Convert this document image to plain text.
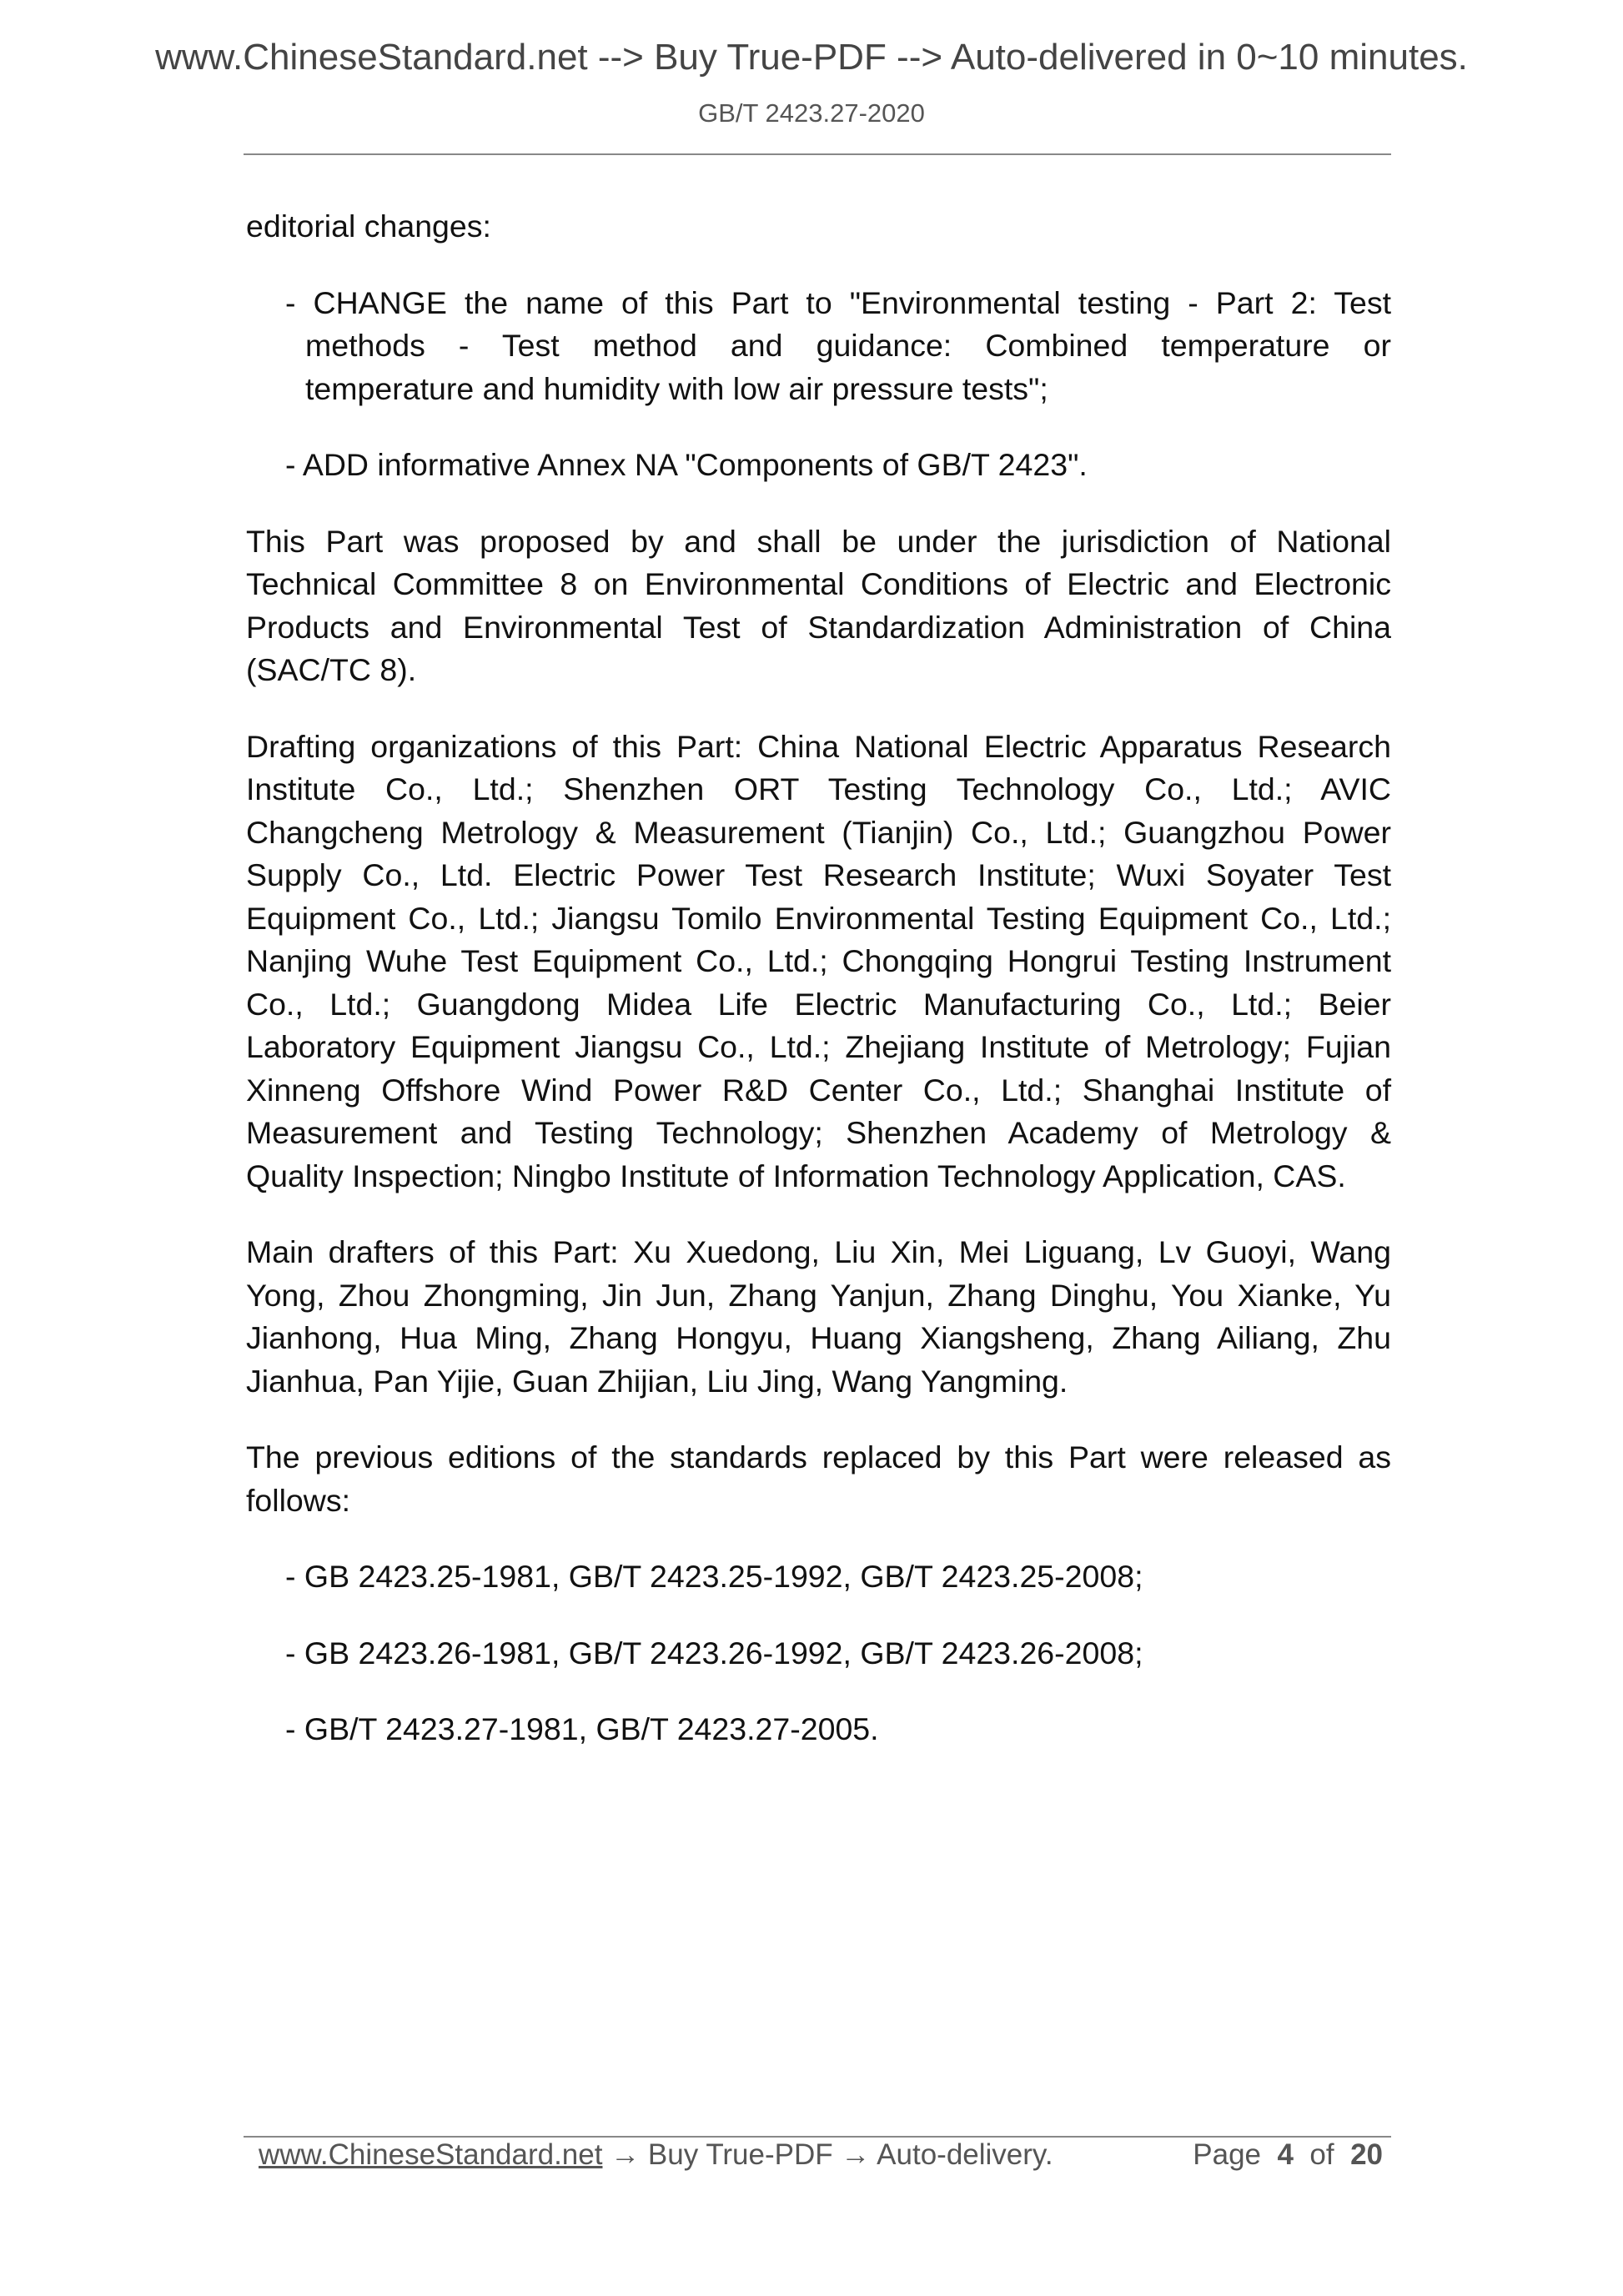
www.ChineseStandard.net --> Buy True-PDF --> Auto-delivered in 0~10 minutes.
GB/T 2423.27-2020
editorial changes:
- CHANGE the name of this Part to "Environmental testing - Part 2: Test
methods - Test method and guidance: Combined temperature or
temperature and humidity with low air pressure tests";
- ADD informative Annex NA "Components of GB/T 2423".
This Part was proposed by and shall be under the jurisdiction of National
Technical Committee 8 on Environmental Conditions of Electric and Electronic
Products and Environmental Test of Standardization Administration of China
(SAC/TC 8).
Drafting organizations of this Part: China National Electric Apparatus Research
Institute Co., Ltd.; Shenzhen ORT Testing Technology Co., Ltd.; AVIC
Changcheng Metrology & Measurement (Tianjin) Co., Ltd.; Guangzhou Power
Supply Co., Ltd. Electric Power Test Research Institute; Wuxi Soyater Test
Equipment Co., Ltd.; Jiangsu Tomilo Environmental Testing Equipment Co., Ltd.;
Nanjing Wuhe Test Equipment Co., Ltd.; Chongqing Hongrui Testing Instrument
Co., Ltd.; Guangdong Midea Life Electric Manufacturing Co., Ltd.; Beier
Laboratory Equipment Jiangsu Co., Ltd.; Zhejiang Institute of Metrology; Fujian
Xinneng Offshore Wind Power R&D Center Co., Ltd.; Shanghai Institute of
Measurement and Testing Technology; Shenzhen Academy of Metrology &
Quality Inspection; Ningbo Institute of Information Technology Application, CAS.
Main drafters of this Part: Xu Xuedong, Liu Xin, Mei Liguang, Lv Guoyi, Wang
Yong, Zhou Zhongming, Jin Jun, Zhang Yanjun, Zhang Dinghu, You Xianke, Yu
Jianhong, Hua Ming, Zhang Hongyu, Huang Xiangsheng, Zhang Ailiang, Zhu
Jianhua, Pan Yijie, Guan Zhijian, Liu Jing, Wang Yangming.
The previous editions of the standards replaced by this Part were released as
follows:
- GB 2423.25-1981, GB/T 2423.25-1992, GB/T 2423.25-2008;
- GB 2423.26-1981, GB/T 2423.26-1992, GB/T 2423.26-2008;
- GB/T 2423.27-1981, GB/T 2423.27-2005.
www.ChineseStandard.net → Buy True-PDF → Auto-delivery.	Page 4 of 20
